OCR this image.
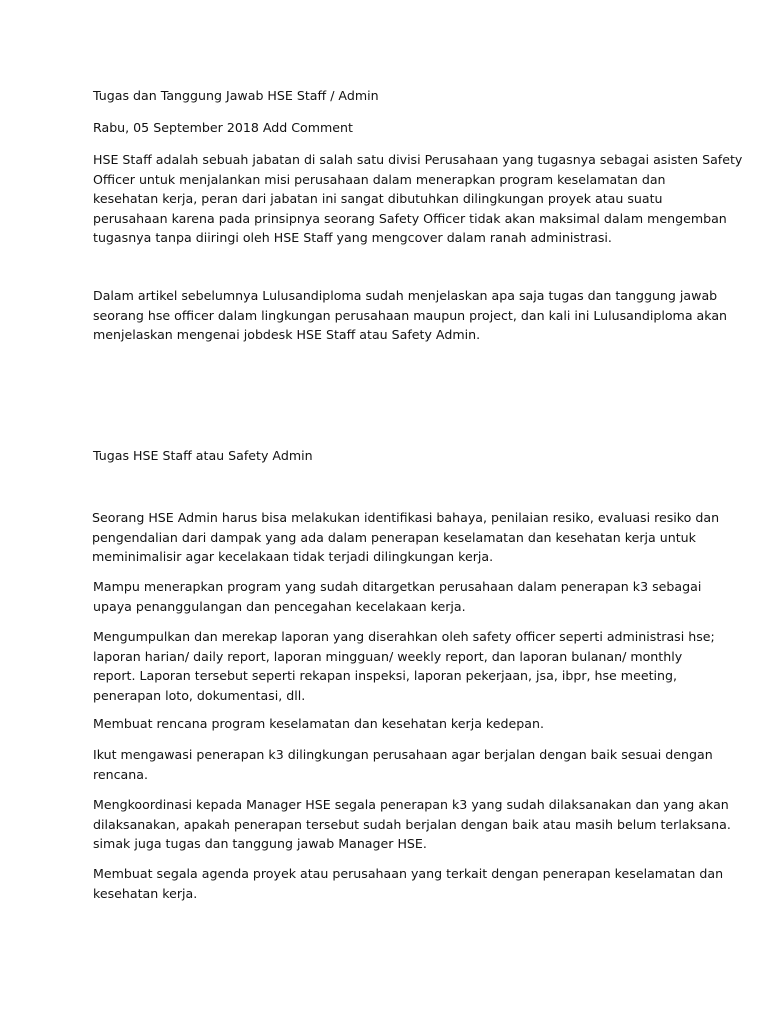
Tugas dan Tanggung Jawab HSE Staff / Admin
Rabu, 05 September 2018 Add Comment
HSE Staff adalah sebuah jabatan di salah satu divisi Perusahaan yang tugasnya sebagai asisten Safety
Officer untuk menjalankan misi perusahaan dalam menerapkan program keselamatan dan
kesehatan kerja, peran dari jabatan ini sangat dibutuhkan dilingkungan proyek atau suatu
perusahaan karena pada prinsipnya seorang Safety Officer tidak akan maksimal dalam mengemban
tugasnya tanpa diiringi oleh HSE Staff yang mengcover dalam ranah administrasi.
Dalam artikel sebelumnya Lulusandiploma sudah menjelaskan apa saja tugas dan tanggung jawab
seorang hse officer dalam lingkungan perusahaan maupun project, dan kali ini Lulusandiploma akan
menjelaskan mengenai jobdesk HSE Staff atau Safety Admin.
Tugas HSE Staff atau Safety Admin
Seorang HSE Admin harus bisa melakukan identifikasi bahaya, penilaian resiko, evaluasi resiko dan
pengendalian dari dampak yang ada dalam penerapan keselamatan dan kesehatan kerja untuk
meminimalisir agar kecelakaan tidak terjadi dilingkungan kerja.
Mampu menerapkan program yang sudah ditargetkan perusahaan dalam penerapan k3 sebagai
upaya penanggulangan dan pencegahan kecelakaan kerja.
Mengumpulkan dan merekap laporan yang diserahkan oleh safety officer seperti administrasi hse;
laporan harian/ daily report, laporan mingguan/ weekly report, dan laporan bulanan/ monthly
report. Laporan tersebut seperti rekapan inspeksi, laporan pekerjaan, jsa, ibpr, hse meeting,
penerapan loto, dokumentasi, dll.
Membuat rencana program keselamatan dan kesehatan kerja kedepan.
Ikut mengawasi penerapan k3 dilingkungan perusahaan agar berjalan dengan baik sesuai dengan
rencana.
Mengkoordinasi kepada Manager HSE segala penerapan k3 yang sudah dilaksanakan dan yang akan
dilaksanakan, apakah penerapan tersebut sudah berjalan dengan baik atau masih belum terlaksana.
simak juga tugas dan tanggung jawab Manager HSE.
Membuat segala agenda proyek atau perusahaan yang terkait dengan penerapan keselamatan dan
kesehatan kerja.
